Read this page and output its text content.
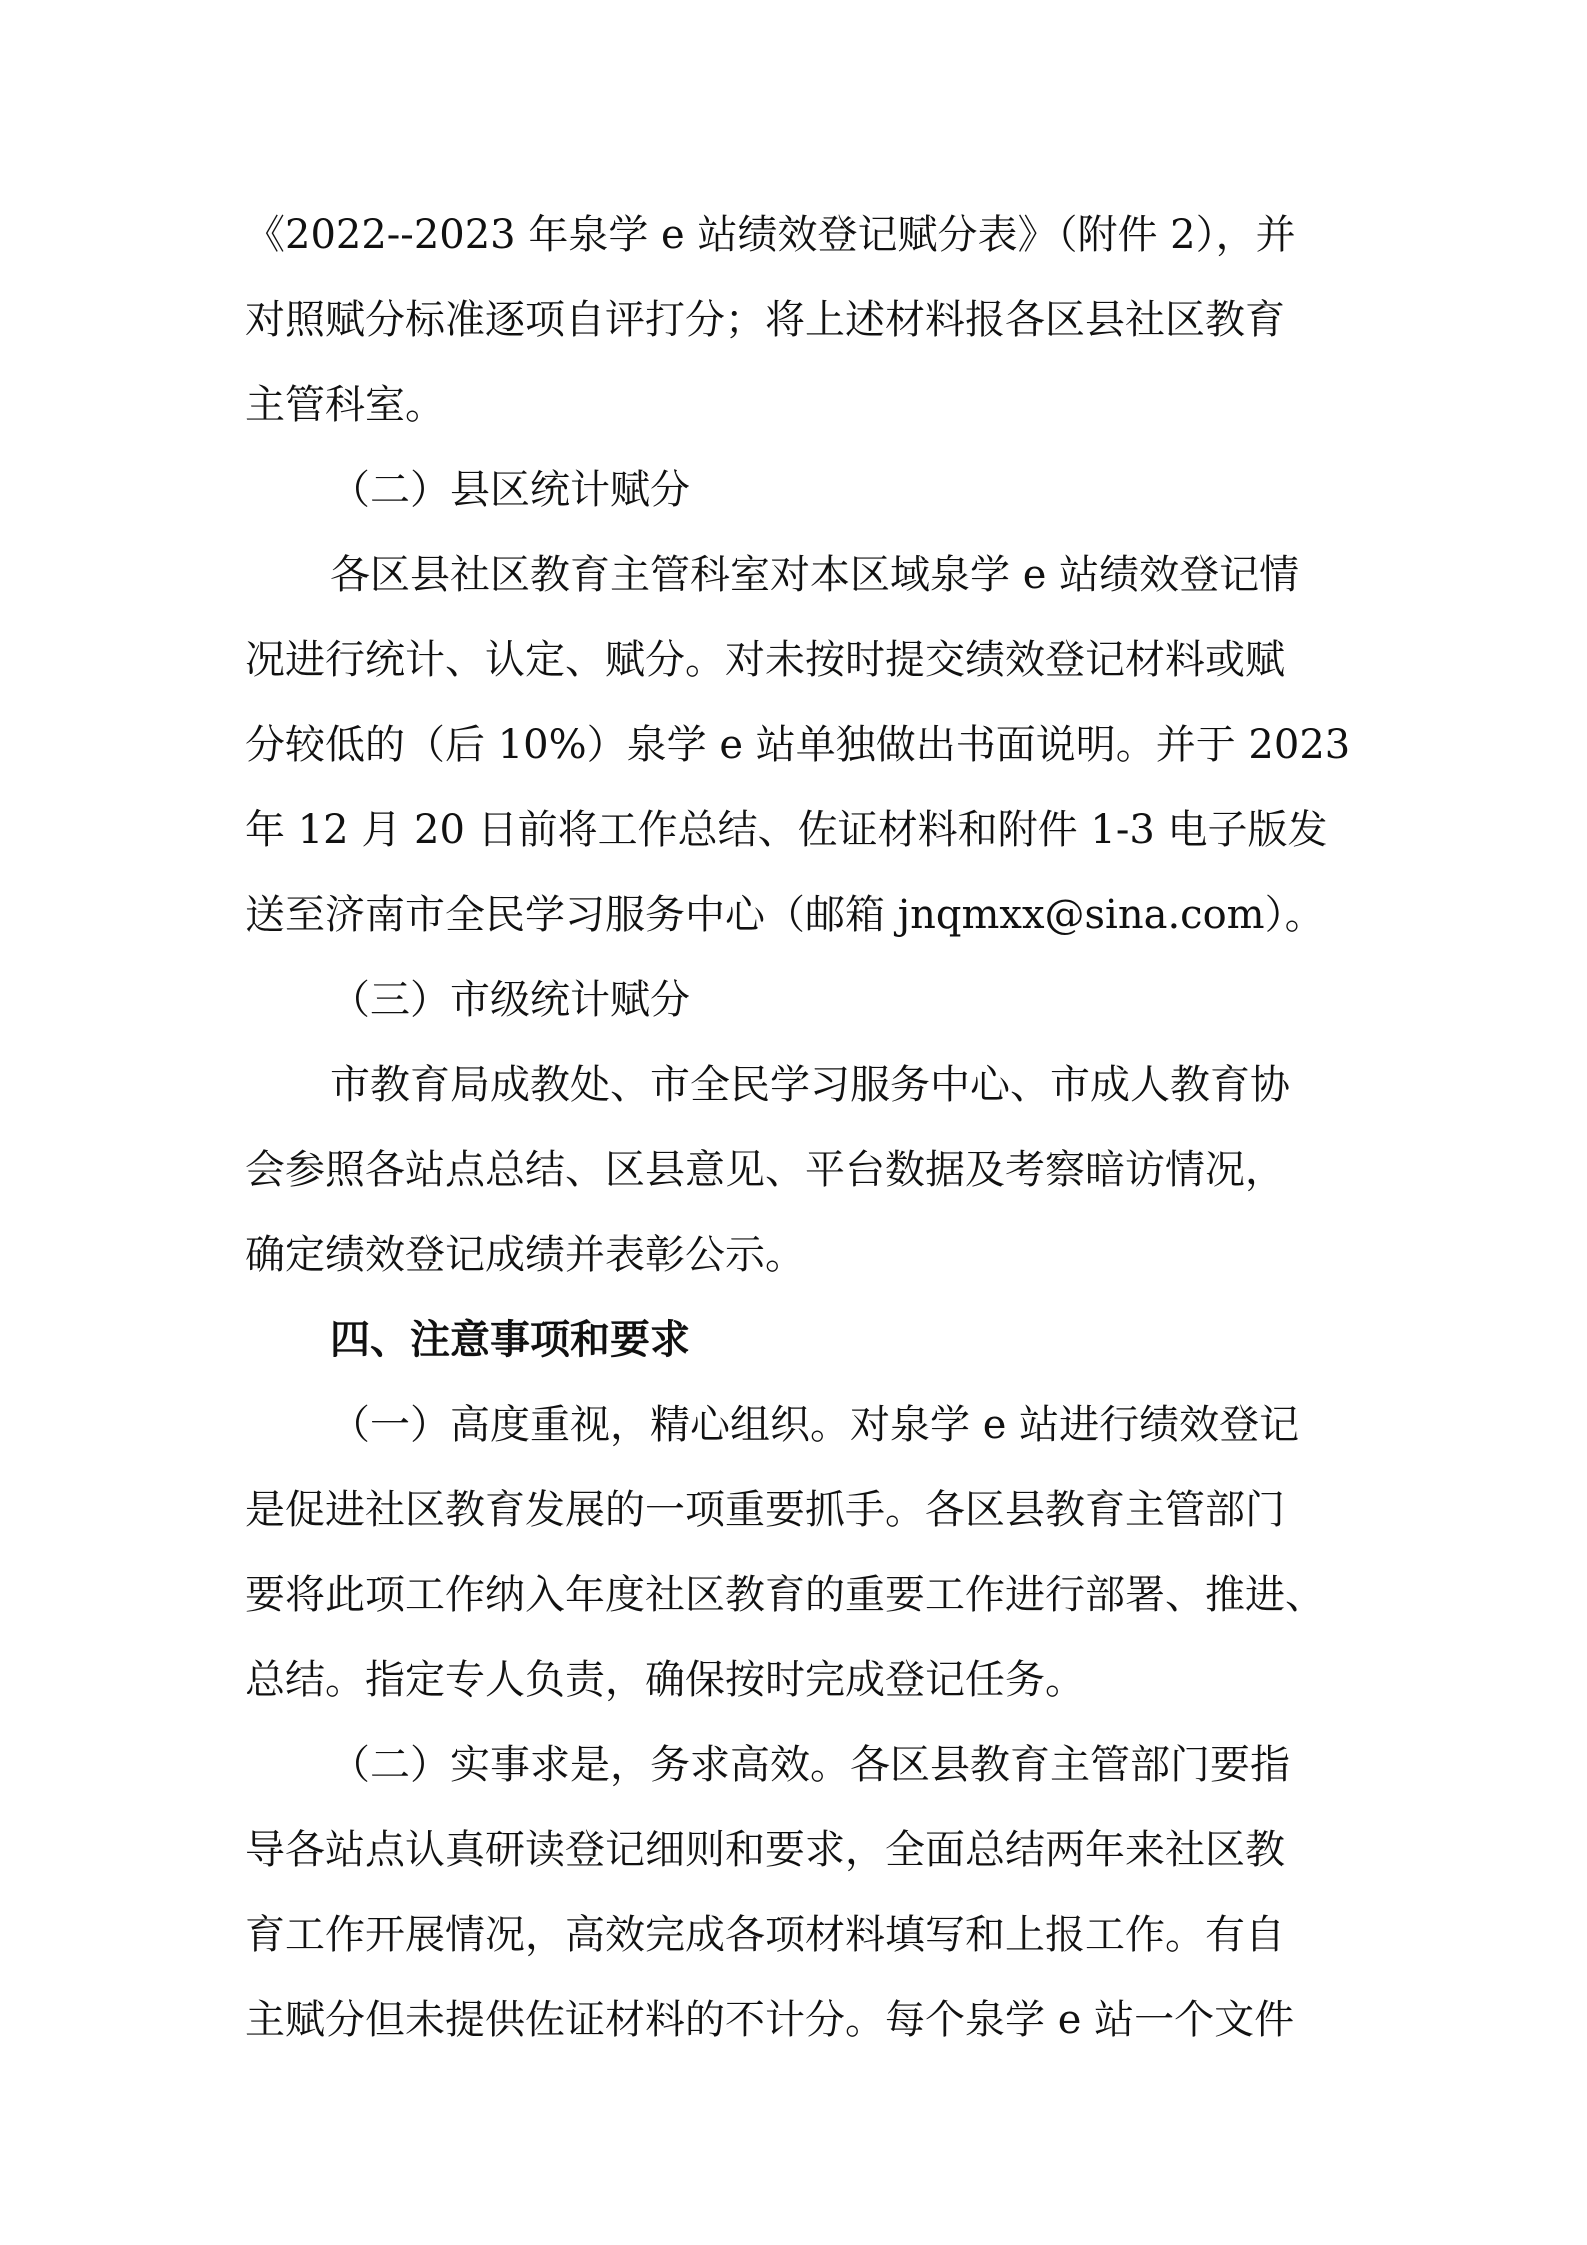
《2022--2023 年泉学 e 站绩效登记赋分表》（附件 2），并
对照赋分标准逐项自评打分；将上述材料报各区县社区教育
主管科室。
（二）县区统计赋分
各区县社区教育主管科室对本区域泉学 e 站绩效登记情
况进行统计、认定、赋分。对未按时提交绩效登记材料或赋
分较低的（后 10%）泉学 e 站单独做出书面说明。并于 2023
年 12 月 20 日前将工作总结、佐证材料和附件 1-3 电子版发
送至济南市全民学习服务中心（邮箱 jnqmxx@sina.com）。
（三）市级统计赋分
市教育局成教处、市全民学习服务中心、市成人教育协
会参照各站点总结、区县意见、平台数据及考察暗访情况，
确定绩效登记成绩并表彰公示。
四、注意事项和要求
（一）高度重视，精心组织。对泉学 e 站进行绩效登记
是促进社区教育发展的一项重要抓手。各区县教育主管部门
要将此项工作纳入年度社区教育的重要工作进行部署、推进、
总结。指定专人负责，确保按时完成登记任务。
（二）实事求是，务求高效。各区县教育主管部门要指
导各站点认真研读登记细则和要求，全面总结两年来社区教
育工作开展情况，高效完成各项材料填写和上报工作。有自
主赋分但未提供佐证材料的不计分。每个泉学 e 站一个文件
